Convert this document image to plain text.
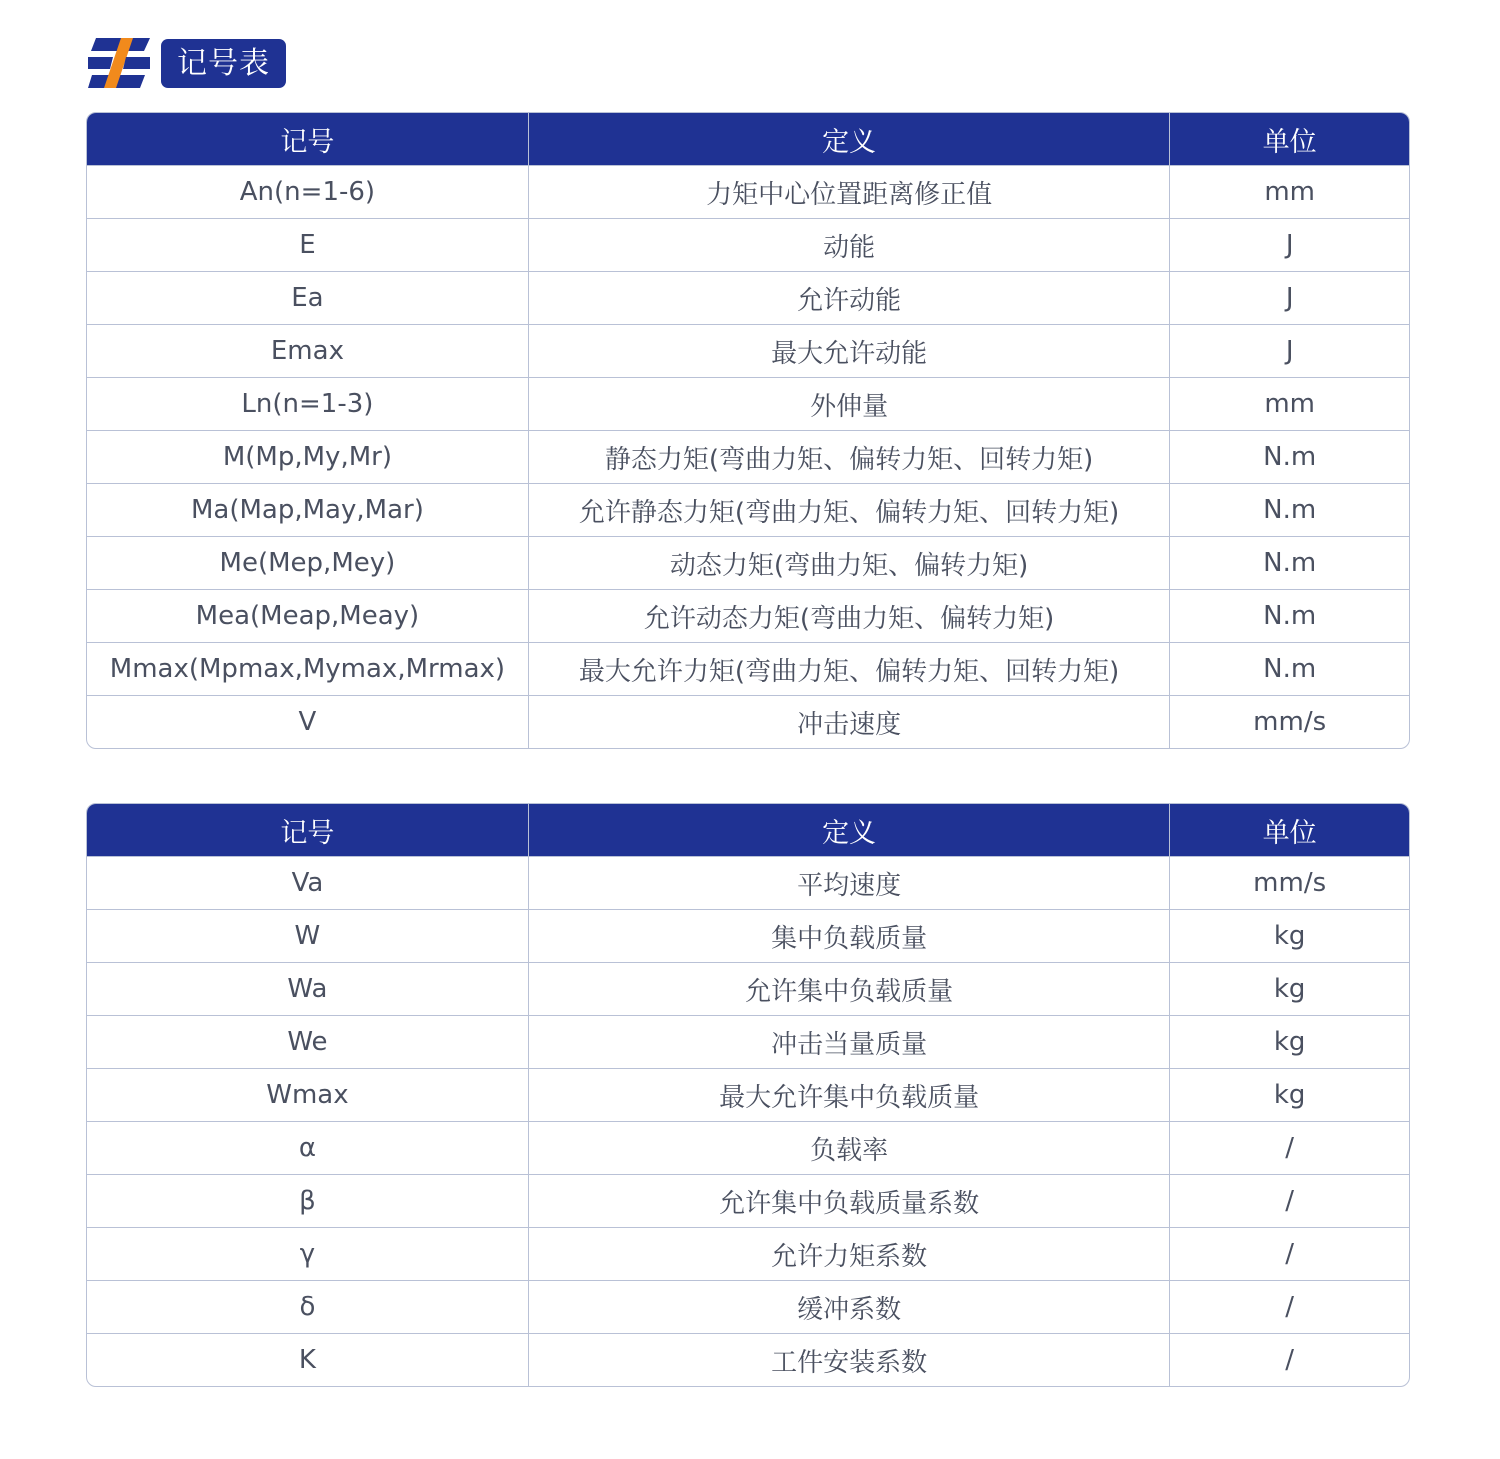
记号表
记号	定义	单位
An(n=1-6)	力矩中心位置距离修正值	mm
E	动能	J
Ea	允许动能	J
Emax	最大允许动能	J
Ln(n=1-3)	外伸量	mm
M(Mp,My,Mr)	静态力矩(弯曲力矩、偏转力矩、回转力矩)	N.m
Ma(Map,May,Mar)	允许静态力矩(弯曲力矩、偏转力矩、回转力矩)	N.m
Me(Mep,Mey)	动态力矩(弯曲力矩、偏转力矩)	N.m
Mea(Meap,Meay)	允许动态力矩(弯曲力矩、偏转力矩)	N.m
Mmax(Mpmax,Mymax,Mrmax)	最大允许力矩(弯曲力矩、偏转力矩、回转力矩)	N.m
V	冲击速度	mm/s
记号	定义	单位
Va	平均速度	mm/s
W	集中负载质量	kg
Wa	允许集中负载质量	kg
We	冲击当量质量	kg
Wmax	最大允许集中负载质量	kg
α	负载率	/
β	允许集中负载质量系数	/
γ	允许力矩系数	/
δ	缓冲系数	/
K	工件安装系数	/
